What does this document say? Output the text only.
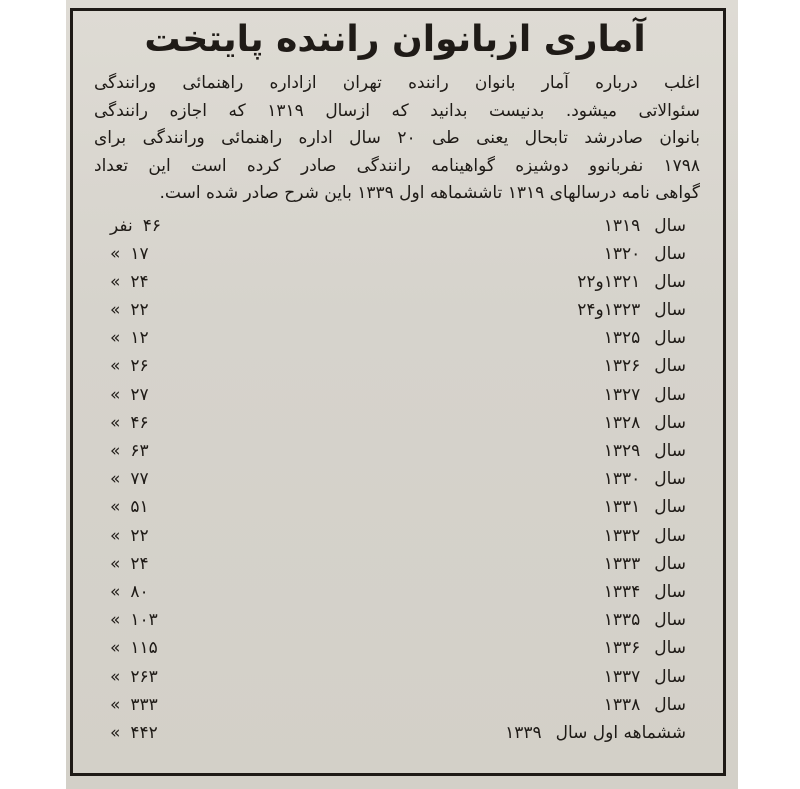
آماری ازبانوان راننده پایتخت
اغلب درباره آمار بانوان راننده تهران ازاداره راهنمائی ورانندگی
سئوالاتی میشود. بدنیست بدانید که ازسال ۱۳۱۹ که اجازه رانندگی
بانوان صادرشد تابحال یعنی طی ۲۰ سال اداره راهنمائی ورانندگی برای
۱۷۹۸ نفربانوو دوشیزه گواهینامه رانندگی صادر کرده است این تعداد
گواهی نامه درسالهای ۱۳۱۹ تاششماهه اول ۱۳۳۹ باین شرح صادر شده است.
سال۱۳۱۹
۴۶نفر
سال۱۳۲۰
۱۷»
سال۱۳۲۱و۲۲
۲۴»
سال۱۳۲۳و۲۴
۲۲»
سال۱۳۲۵
۱۲»
سال۱۳۲۶
۲۶»
سال۱۳۲۷
۲۷»
سال۱۳۲۸
۴۶»
سال۱۳۲۹
۶۳»
سال۱۳۳۰
۷۷»
سال۱۳۳۱
۵۱»
سال۱۳۳۲
۲۲»
سال۱۳۳۳
۲۴»
سال۱۳۳۴
۸۰»
سال۱۳۳۵
۱۰۳»
سال۱۳۳۶
۱۱۵»
سال۱۳۳۷
۲۶۳»
سال۱۳۳۸
۳۳۳»
ششماهه اول سال۱۳۳۹
۴۴۲»
